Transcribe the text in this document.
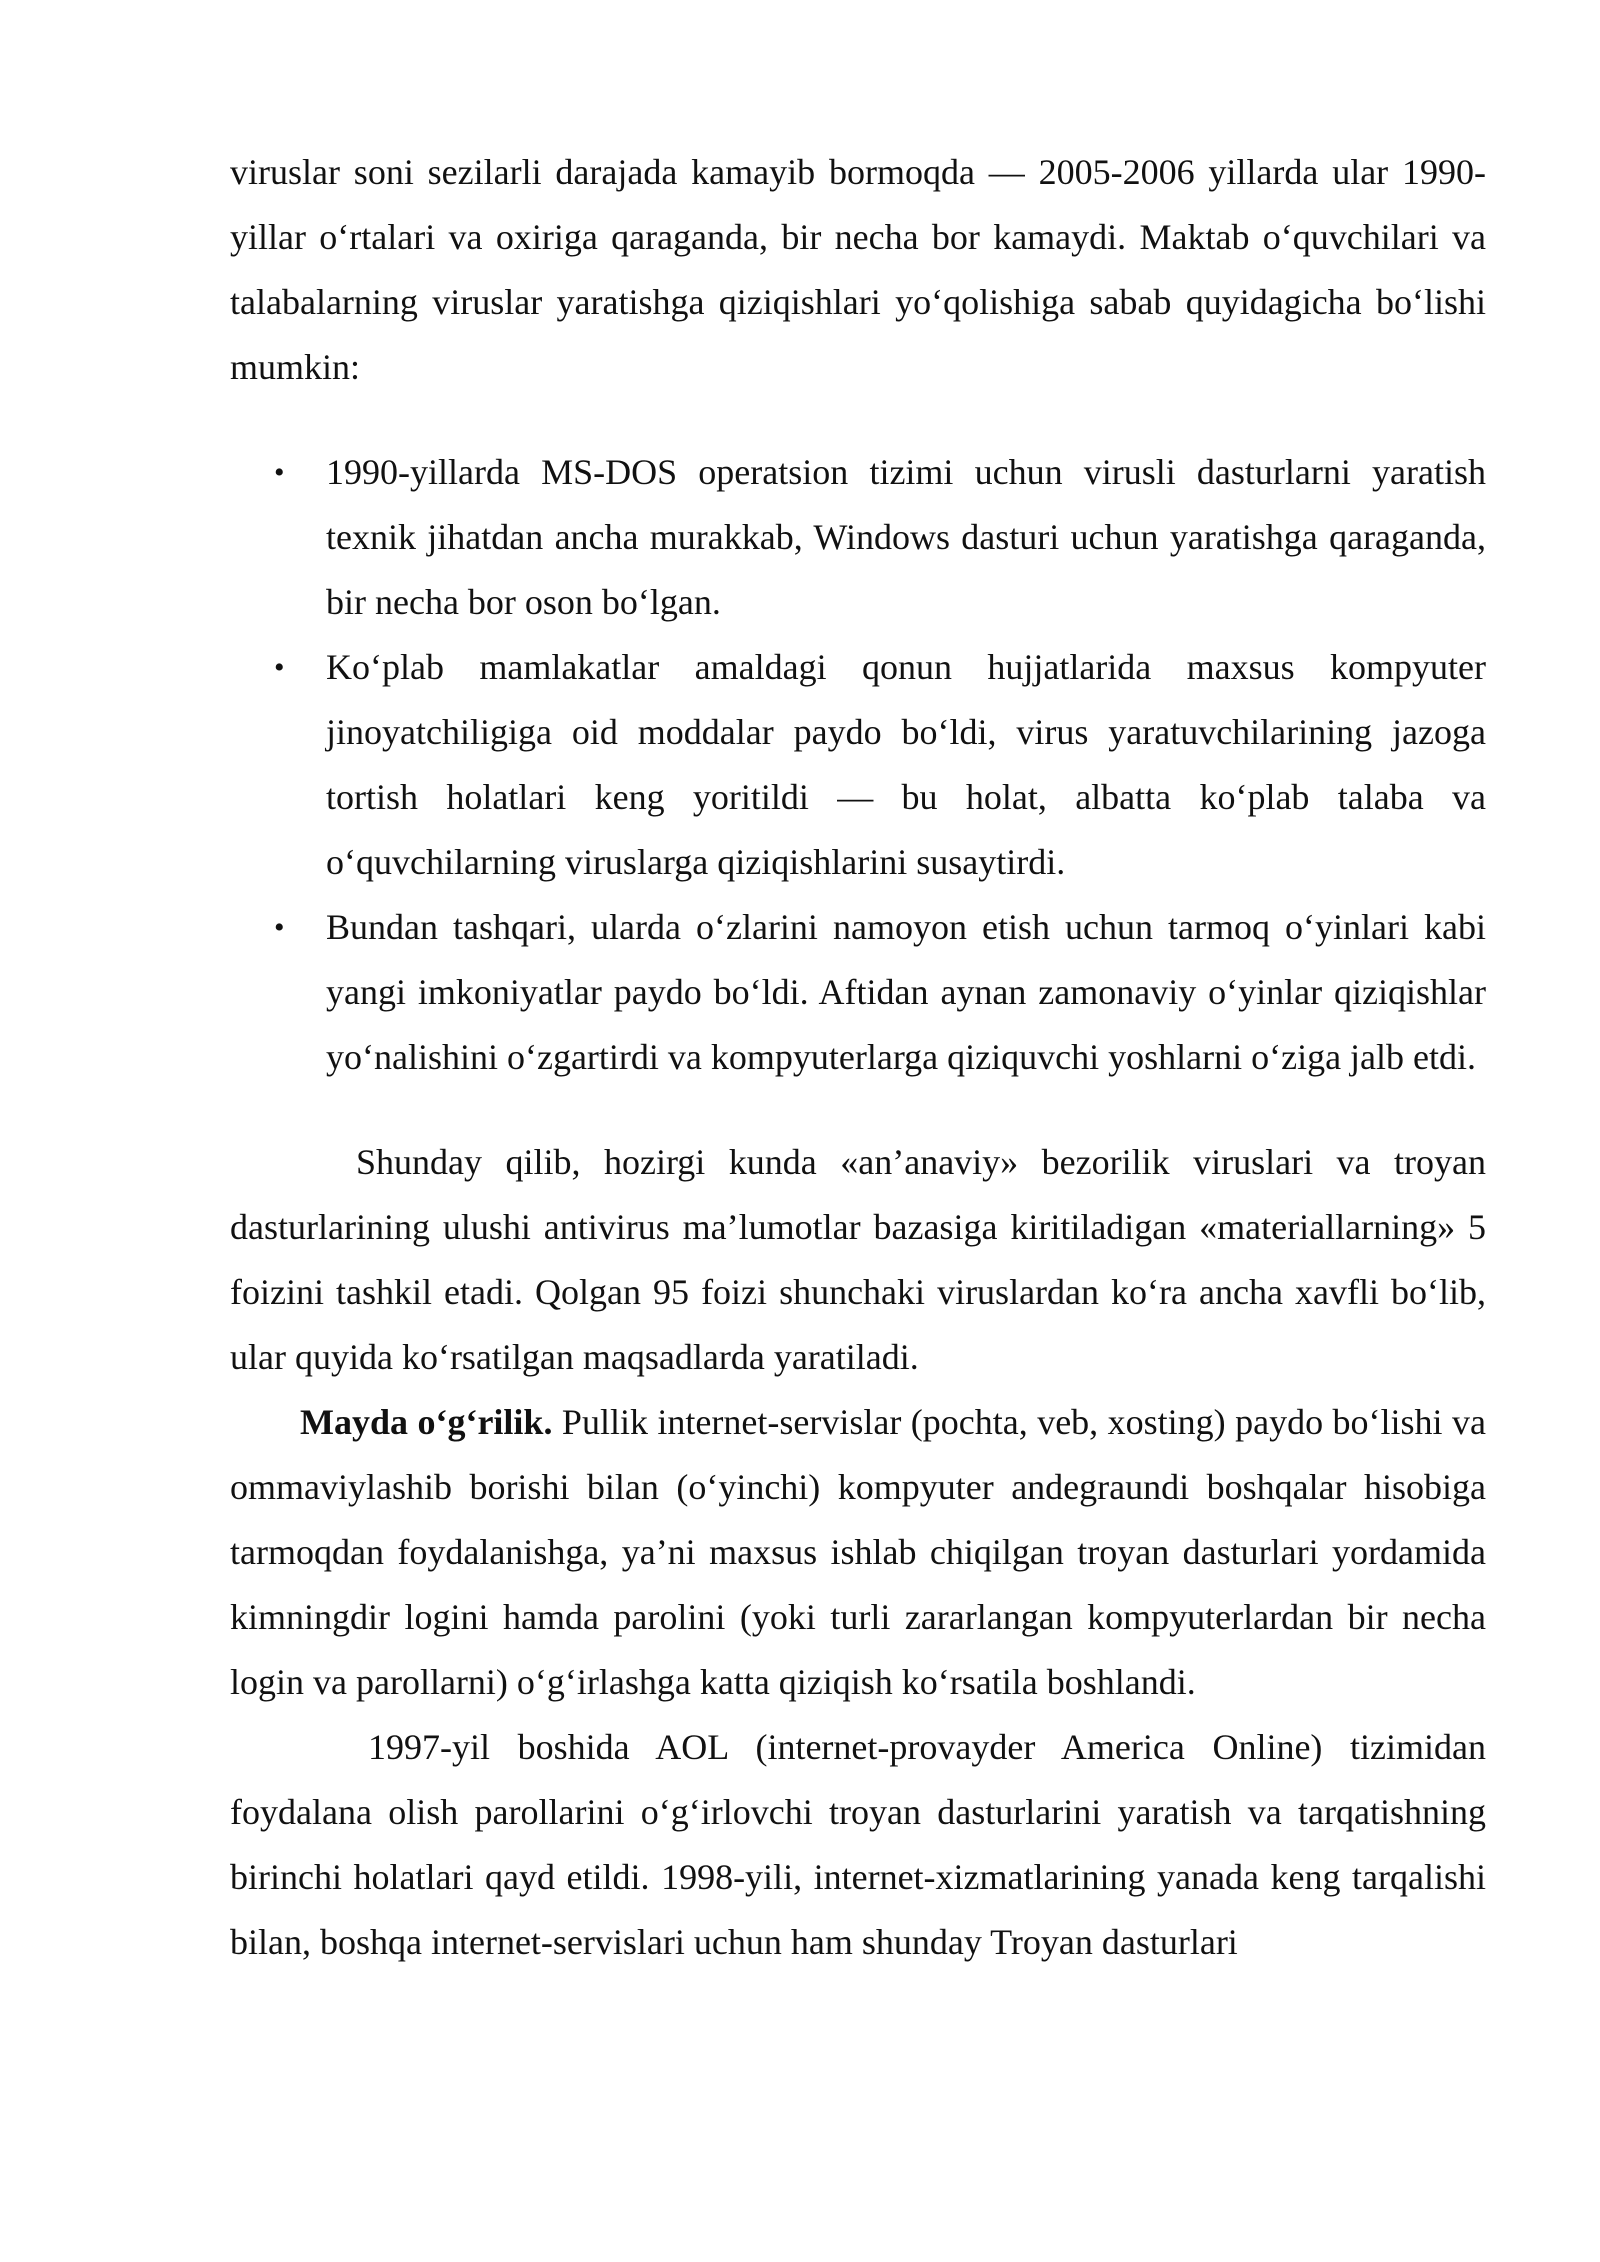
viruslar soni sezilarli darajada kamayib bormoqda — 2005-2006 yillarda ular 1990-yillar o‘rtalari va oxiriga qaraganda, bir necha bor kamaydi. Maktab o‘quvchilari va talabalarning viruslar yaratishga qiziqishlari yo‘qolishiga sabab quyidagicha bo‘lishi mumkin:

• 1990-yillarda MS-DOS operatsion tizimi uchun virusli dasturlarni yaratish texnik jihatdan ancha murakkab, Windows dasturi uchun yaratishga qaraganda, bir necha bor oson bo‘lgan.
• Ko‘plab mamlakatlar amaldagi qonun hujjatlarida maxsus kompyuter jinoyatchiligiga oid moddalar paydo bo‘ldi, virus yaratuvchilarining jazoga tortish holatlari keng yoritildi — bu holat, albatta ko‘plab talaba va o‘quvchilarning viruslarga qiziqishlarini susaytirdi.
• Bundan tashqari, ularda o‘zlarini namoyon etish uchun tarmoq o‘yinlari kabi yangi imkoniyatlar paydo bo‘ldi. Aftidan aynan zamonaviy o‘yinlar qiziqishlar yo‘nalishini o‘zgartirdi va kompyuterlarga qiziquvchi yoshlarni o‘ziga jalb etdi.

Shunday qilib, hozirgi kunda «an’anaviy» bezorilik viruslari va troyan dasturlarining ulushi antivirus ma’lumotlar bazasiga kiritiladigan «materiallarning» 5 foizini tashkil etadi. Qolgan 95 foizi shunchaki viruslardan ko‘ra ancha xavfli bo‘lib, ular quyida ko‘rsatilgan maqsadlarda yaratiladi.

Mayda o‘g‘rilik. Pullik internet-servislar (pochta, veb, xosting) paydo bo‘lishi va ommaviylashib borishi bilan (o‘yinchi) kompyuter andegraundi boshqalar hisobiga tarmoqdan foydalanishga, ya’ni maxsus ishlab chiqilgan troyan dasturlari yordamida kimningdir logini hamda parolini (yoki turli zararlangan kompyuterlardan bir necha login va parollarni) o‘g‘irlashga katta qiziqish ko‘rsatila boshlandi.

1997-yil boshida AOL (internet-provayder America Online) tizimidan foydalana olish parollarini o‘g‘irlovchi troyan dasturlarini yaratish va tarqatishning birinchi holatlari qayd etildi. 1998-yili, internet-xizmatlarining yanada keng tarqalishi bilan, boshqa internet-servislari uchun ham shunday Troyan dasturlari
